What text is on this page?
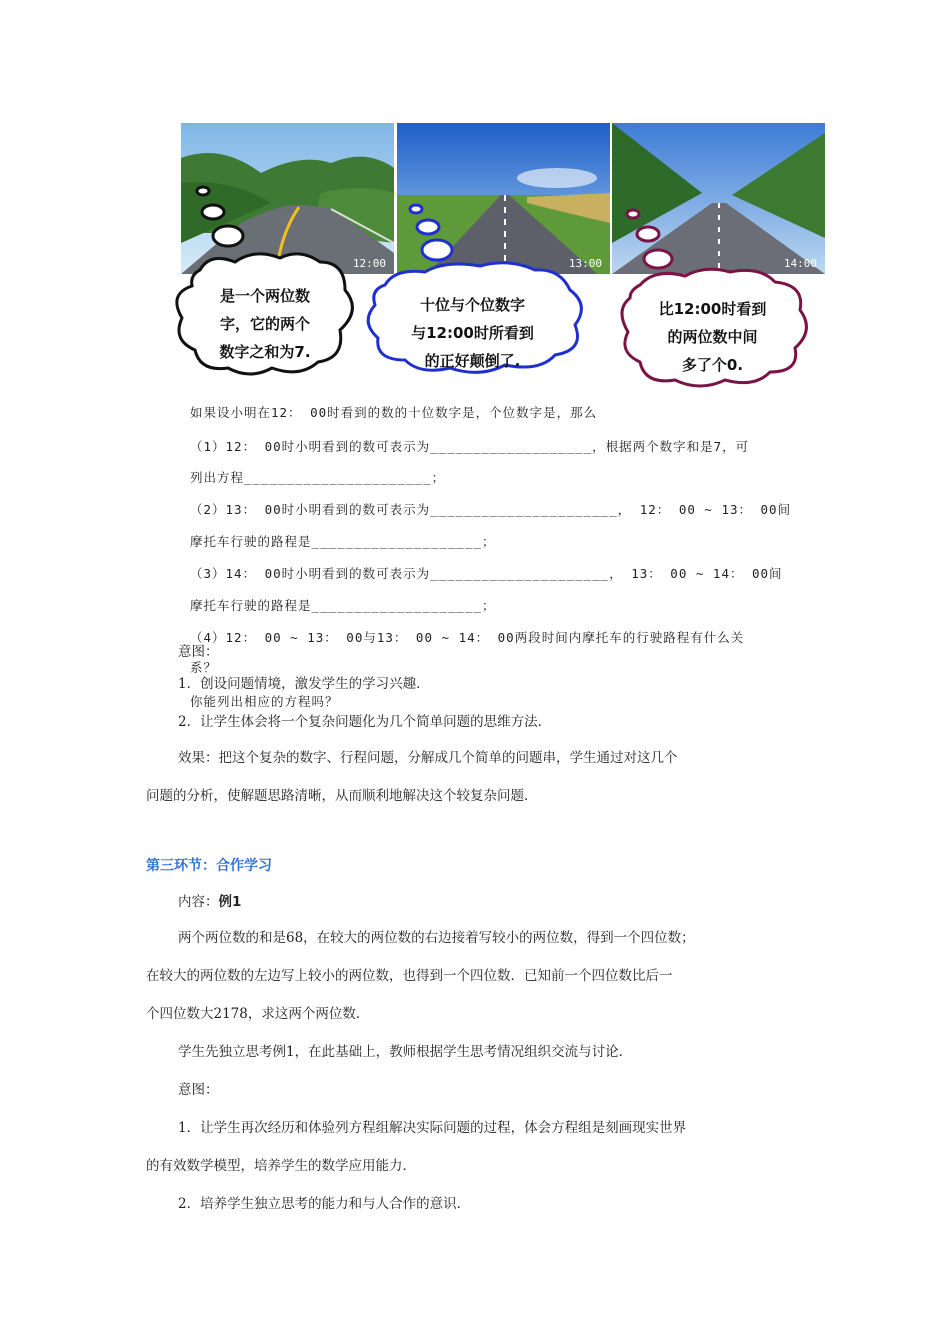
12:00	13:00	14:00
是一个两位数
字，它的两个
数字之和为7.
十位与个位数字
与12:00时所看到
的正好颠倒了.
比12:00时看到
的两位数中间
多了个0.
如果设小明在12： 00时看到的数的十位数字是，个位数字是，那么
（1）12： 00时小明看到的数可表示为___________________，根据两个数字和是7，可
列出方程______________________；
（2）13： 00时小明看到的数可表示为______________________， 12： 00 ~ 13： 00间
摩托车行驶的路程是____________________；
（3）14： 00时小明看到的数可表示为_____________________， 13： 00 ~ 14： 00间
摩托车行驶的路程是____________________；
（4）12： 00 ~ 13： 00与13： 00 ~ 14： 00两段时间内摩托车的行驶路程有什么关
系？
你能列出相应的方程吗？
意图：
1．创设问题情境，激发学生的学习兴趣．
2．让学生体会将一个复杂问题化为几个简单问题的思维方法．
效果：把这个复杂的数字、行程问题，分解成几个简单的问题串，学生通过对这几个
问题的分析，使解题思路清晰，从而顺利地解决这个较复杂问题．
第三环节：合作学习
内容：例1
两个两位数的和是68，在较大的两位数的右边接着写较小的两位数，得到一个四位数；
在较大的两位数的左边写上较小的两位数，也得到一个四位数．已知前一个四位数比后一
个四位数大2178，求这两个两位数．
学生先独立思考例1，在此基础上，教师根据学生思考情况组织交流与讨论．
意图：
1．让学生再次经历和体验列方程组解决实际问题的过程，体会方程组是刻画现实世界
的有效数学模型，培养学生的数学应用能力．
2．培养学生独立思考的能力和与人合作的意识．
